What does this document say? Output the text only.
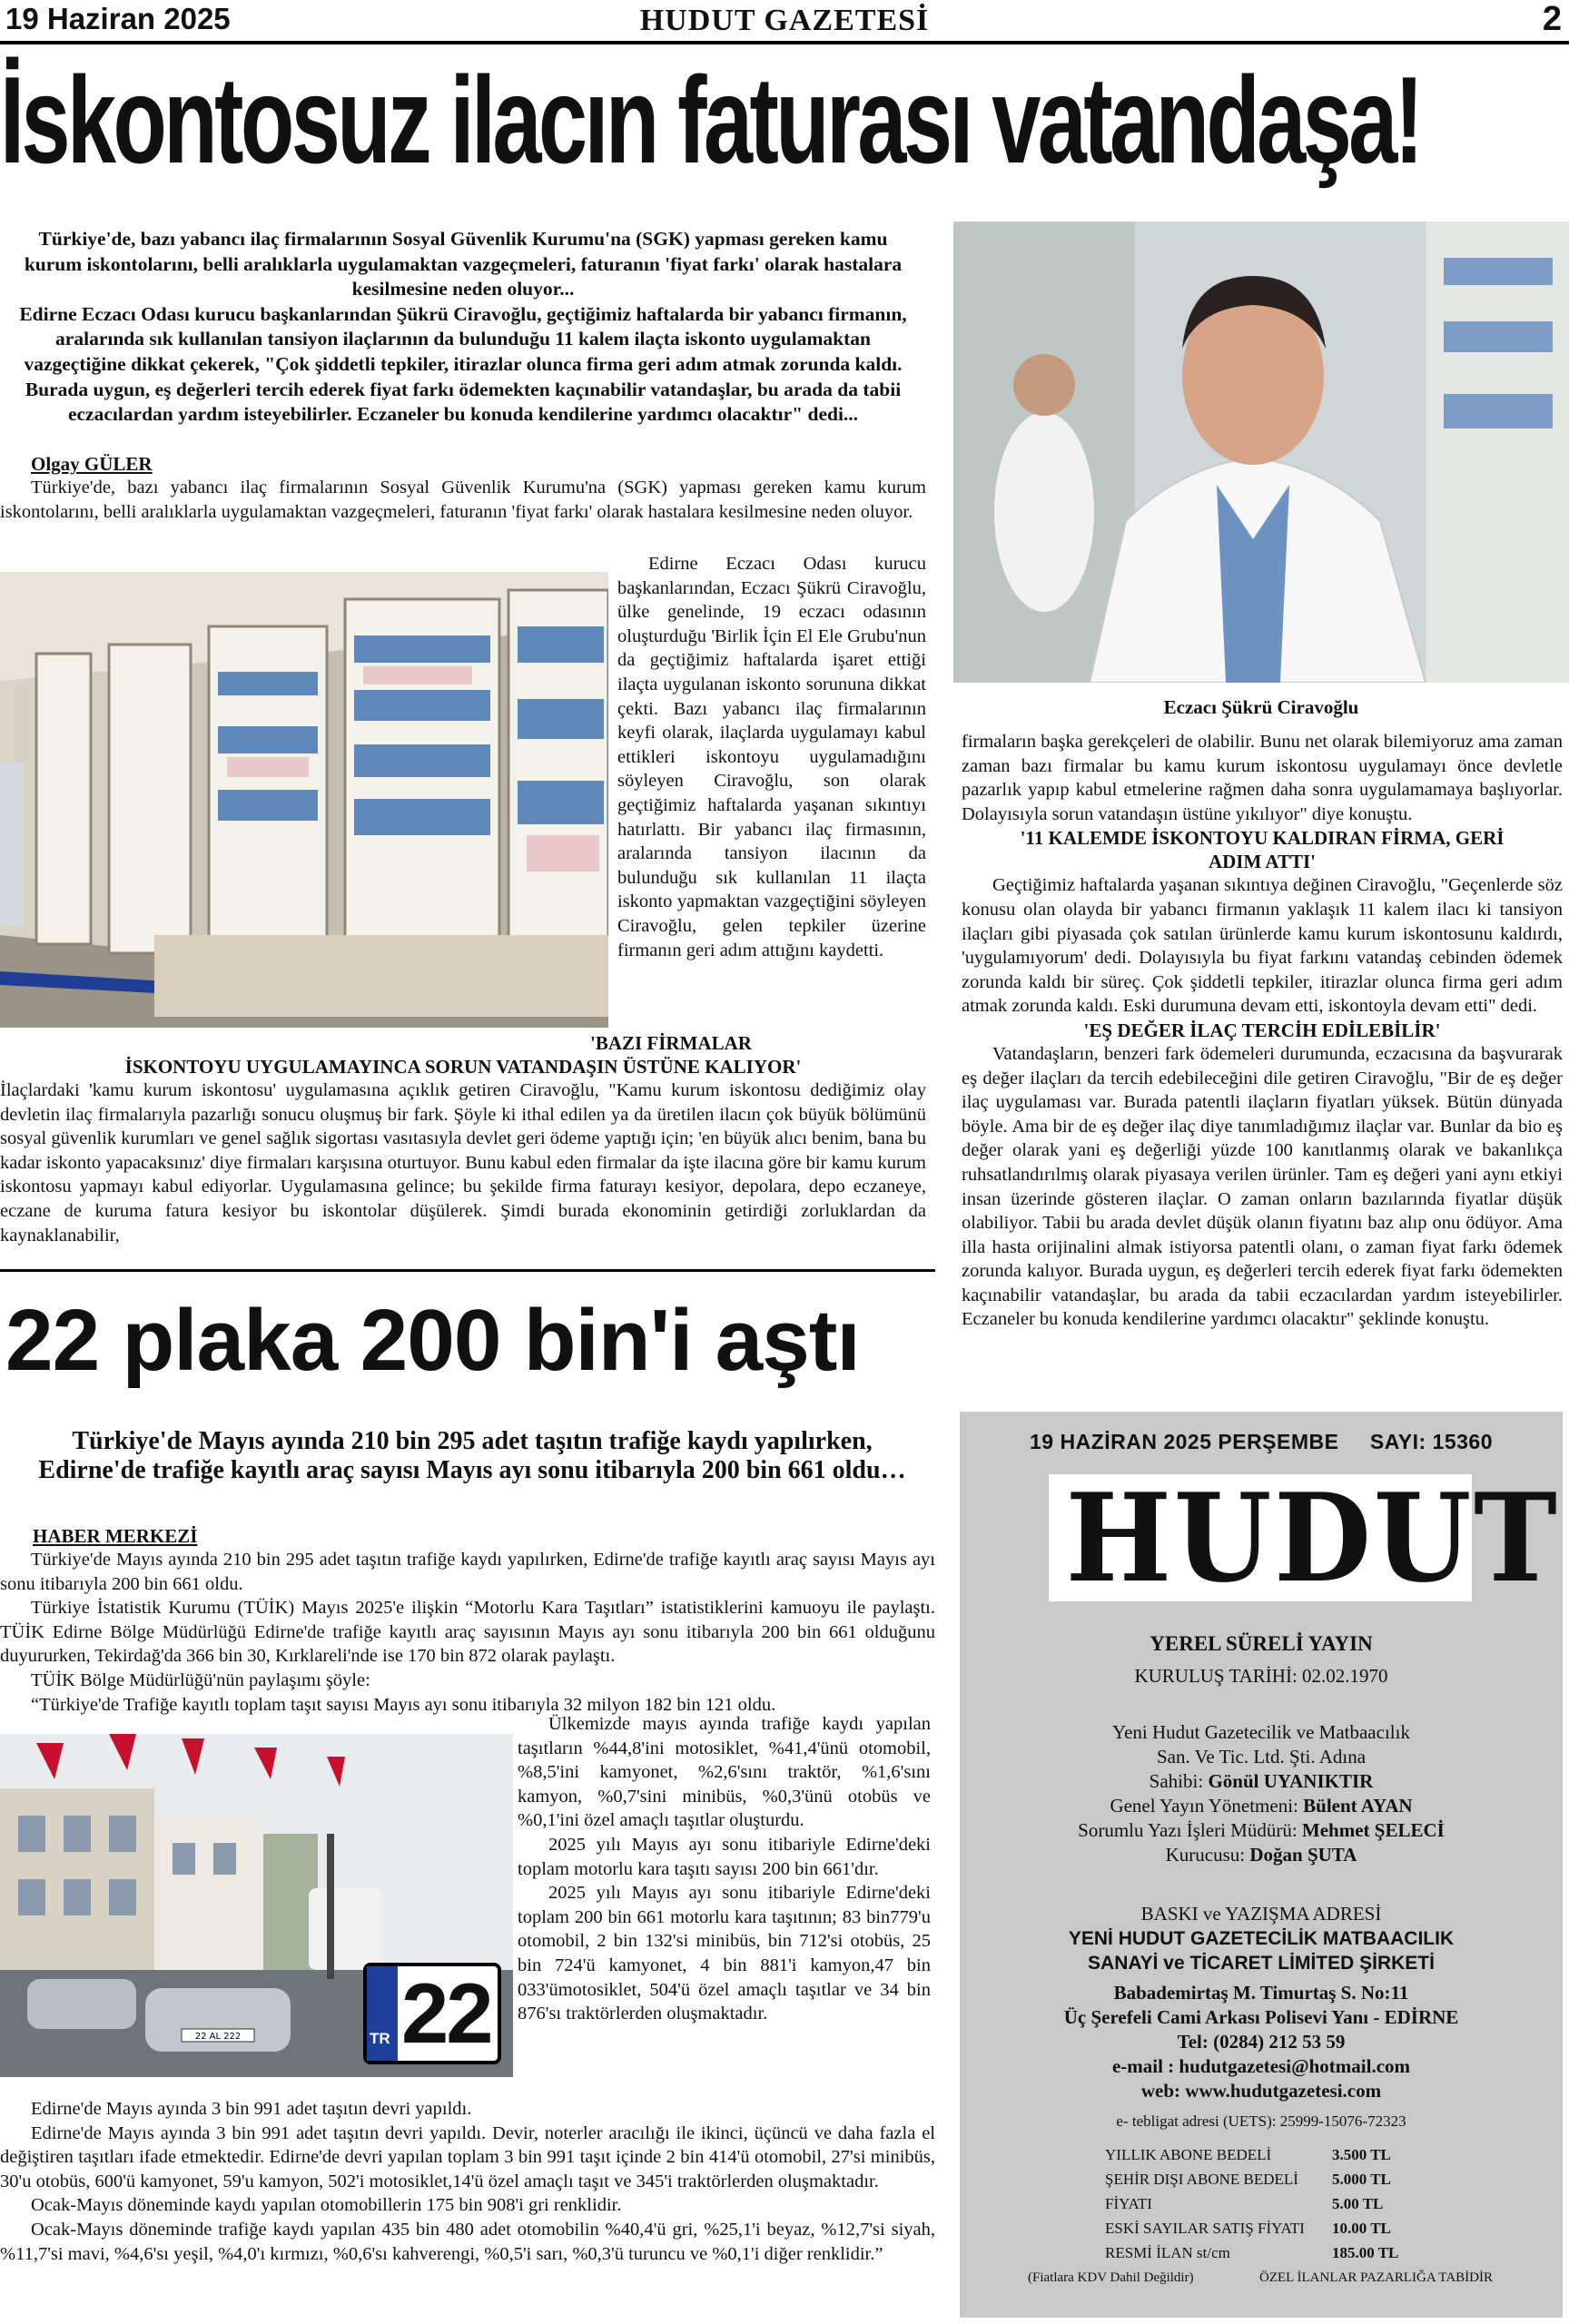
19 Haziran 2025	HUDUT GAZETESİ	2
İskontosuz ilacın faturası vatandaşa!

Türkiye'de, bazı yabancı ilaç firmalarının Sosyal Güvenlik Kurumu'na (SGK) yapması gereken kamu kurum iskontolarını, belli aralıklarla uygulamaktan vazgeçmeleri, faturanın 'fiyat farkı' olarak hastalara kesilmesine neden oluyor...

Edirne Eczacı Odası kurucu başkanlarından Şükrü Ciravoğlu, geçtiğimiz haftalarda bir yabancı firmanın, aralarında sık kullanılan tansiyon ilaçlarının da bulunduğu 11 kalem ilaçta iskonto uygulamaktan vazgeçtiğine dikkat çekerek, "Çok şiddetli tepkiler, itirazlar olunca firma geri adım atmak zorunda kaldı. Burada uygun, eş değerleri tercih ederek fiyat farkı ödemekten kaçınabilir vatandaşlar, bu arada da tabii eczacılardan yardım isteyebilirler. Eczaneler bu konuda kendilerine yardımcı olacaktır" dedi...

Olgay GÜLER

Türkiye'de, bazı yabancı ilaç firmalarının Sosyal Güvenlik Kurumu'na (SGK) yapması gereken kamu kurum iskontolarını, belli aralıklarla uygulamaktan vazgeçmeleri, faturanın 'fiyat farkı' olarak hastalara kesilmesine neden oluyor.

Edirne Eczacı Odası kurucu başkanlarından, Eczacı Şükrü Ciravoğlu, ülke genelinde, 19 eczacı odasının oluşturduğu 'Birlik İçin El Ele Grubu'nun da geçtiğimiz haftalarda işaret ettiği ilaçta uygulanan iskonto sorununa dikkat çekti. Bazı yabancı ilaç firmalarının keyfi olarak, ilaçlarda uygulamayı kabul ettikleri iskontoyu uygulamadığını söyleyen Ciravoğlu, son olarak geçtiğimiz haftalarda yaşanan sıkıntıyı hatırlattı. Bir yabancı ilaç firmasının, aralarında tansiyon ilacının da bulunduğu sık kullanılan 11 ilaçta iskonto yapmaktan vazgeçtiğini söyleyen Ciravoğlu, gelen tepkiler üzerine firmanın geri adım attığını kaydetti.

'BAZI FİRMALAR
İSKONTOYU UYGULAMAYINCA SORUN VATANDAŞIN ÜSTÜNE KALIYOR'

İlaçlardaki 'kamu kurum iskontosu' uygulamasına açıklık getiren Ciravoğlu, "Kamu kurum iskontosu dediğimiz olay devletin ilaç firmalarıyla pazarlığı sonucu oluşmuş bir fark. Şöyle ki ithal edilen ya da üretilen ilacın çok büyük bölümünü sosyal güvenlik kurumları ve genel sağlık sigortası vasıtasıyla devlet geri ödeme yaptığı için; 'en büyük alıcı benim, bana bu kadar iskonto yapacaksınız' diye firmaları karşısına oturtuyor. Bunu kabul eden firmalar da işte ilacına göre bir kamu kurum iskontosu yapmayı kabul ediyorlar. Uygulamasına gelince; bu şekilde firma faturayı kesiyor, depolara, depo eczaneye, eczane de kuruma fatura kesiyor bu iskontolar düşülerek. Şimdi burada ekonominin getirdiği zorluklardan da kaynaklanabilir,

Eczacı Şükrü Ciravoğlu

firmaların başka gerekçeleri de olabilir. Bunu net olarak bilemiyoruz ama zaman zaman bazı firmalar bu kamu kurum iskontosu uygulamayı önce devletle pazarlık yapıp kabul etmelerine rağmen daha sonra uygulamamaya başlıyorlar. Dolayısıyla sorun vatandaşın üstüne yıkılıyor" diye konuştu.

'11 KALEMDE İSKONTOYU KALDIRAN FİRMA, GERİ
ADIM ATTI'

Geçtiğimiz haftalarda yaşanan sıkıntıya değinen Ciravoğlu, "Geçenlerde söz konusu olan olayda bir yabancı firmanın yaklaşık 11 kalem ilacı ki tansiyon ilaçları gibi piyasada çok satılan ürünlerde kamu kurum iskontosunu kaldırdı, 'uygulamıyorum' dedi. Dolayısıyla bu fiyat farkını vatandaş cebinden ödemek zorunda kaldı bir süreç. Çok şiddetli tepkiler, itirazlar olunca firma geri adım atmak zorunda kaldı. Eski durumuna devam etti, iskontoyla devam etti" dedi.

'EŞ DEĞER İLAÇ TERCİH EDİLEBİLİR'

Vatandaşların, benzeri fark ödemeleri durumunda, eczacısına da başvurarak eş değer ilaçları da tercih edebileceğini dile getiren Ciravoğlu, "Bir de eş değer ilaç uygulaması var. Burada patentli ilaçların fiyatları yüksek. Bütün dünyada böyle. Ama bir de eş değer ilaç diye tanımladığımız ilaçlar var. Bunlar da bio eş değer olarak yani eş değerliği yüzde 100 kanıtlanmış olarak ve bakanlıkça ruhsatlandırılmış olarak piyasaya verilen ürünler. Tam eş değeri yani aynı etkiyi insan üzerinde gösteren ilaçlar. O zaman onların bazılarında fiyatlar düşük olabiliyor. Tabii bu arada devlet düşük olanın fiyatını baz alıp onu ödüyor. Ama illa hasta orijinalini almak istiyorsa patentli olanı, o zaman fiyat farkı ödemek zorunda kalıyor. Burada uygun, eş değerleri tercih ederek fiyat farkı ödemekten kaçınabilir vatandaşlar, bu arada da tabii eczacılardan yardım isteyebilirler. Eczaneler bu konuda kendilerine yardımcı olacaktır" şeklinde konuştu.

22 plaka 200 bin'i aştı
Türkiye'de Mayıs ayında 210 bin 295 adet taşıtın trafiğe kaydı yapılırken, Edirne'de trafiğe kayıtlı araç sayısı Mayıs ayı sonu itibarıyla 200 bin 661 oldu…
HABER MERKEZİ

Türkiye'de Mayıs ayında 210 bin 295 adet taşıtın trafiğe kaydı yapılırken, Edirne'de trafiğe kayıtlı araç sayısı Mayıs ayı sonu itibarıyla 200 bin 661 oldu.

Türkiye İstatistik Kurumu (TÜİK) Mayıs 2025'e ilişkin “Motorlu Kara Taşıtları” istatistiklerini kamuoyu ile paylaştı. TÜİK Edirne Bölge Müdürlüğü Edirne'de trafiğe kayıtlı araç sayısının Mayıs ayı sonu itibarıyla 200 bin 661 olduğunu duyururken, Tekirdağ'da 366 bin 30, Kırklareli'nde ise 170 bin 872 olarak paylaştı.

TÜİK Bölge Müdürlüğü'nün paylaşımı şöyle:

“Türkiye'de Trafiğe kayıtlı toplam taşıt sayısı Mayıs ayı sonu itibarıyla 32 milyon 182 bin 121 oldu.

22 AL 222	TR 22

Ülkemizde mayıs ayında trafiğe kaydı yapılan taşıtların %44,8'ini motosiklet, %41,4'ünü otomobil, %8,5'ini kamyonet, %2,6'sını traktör, %1,6'sını kamyon, %0,7'sini minibüs, %0,3'ünü otobüs ve %0,1'ini özel amaçlı taşıtlar oluşturdu.

2025 yılı Mayıs ayı sonu itibariyle Edirne'deki toplam motorlu kara taşıtı sayısı 200 bin 661'dır.

2025 yılı Mayıs ayı sonu itibariyle Edirne'deki toplam 200 bin 661 motorlu kara taşıtının; 83 bin779'u otomobil, 2 bin 132'si minibüs, bin 712'si otobüs, 25 bin 724'ü kamyonet, 4 bin 881'i kamyon,47 bin 033'ümotosiklet, 504'ü özel amaçlı taşıtlar ve 34 bin 876'sı traktörlerden oluşmaktadır.

Edirne'de Mayıs ayında 3 bin 991 adet taşıtın devri yapıldı.

Edirne'de Mayıs ayında 3 bin 991 adet taşıtın devri yapıldı. Devir, noterler aracılığı ile ikinci, üçüncü ve daha fazla el değiştiren taşıtları ifade etmektedir. Edirne'de devri yapılan toplam 3 bin 991 taşıt içinde 2 bin 414'ü otomobil, 27'si minibüs, 30'u otobüs, 600'ü kamyonet, 59'u kamyon, 502'i motosiklet,14'ü özel amaçlı taşıt ve 345'i traktörlerden oluşmaktadır.

Ocak-Mayıs döneminde kaydı yapılan otomobillerin 175 bin 908'i gri renklidir.

Ocak-Mayıs döneminde trafiğe kaydı yapılan 435 bin 480 adet otomobilin %40,4'ü gri, %25,1'i beyaz, %12,7'si siyah, %11,7'si mavi, %4,6'sı yeşil, %4,0'ı kırmızı, %0,6'sı kahverengi, %0,5'i sarı, %0,3'ü turuncu ve %0,1'i diğer renklidir.”

19 HAZİRAN 2025 PERŞEMBE     SAYI: 15360
HUDUT
YEREL SÜRELİ YAYIN
KURULUŞ TARİHİ: 02.02.1970
Yeni Hudut Gazetecilik ve Matbaacılık
San. Ve Tic. Ltd. Şti. Adına
Sahibi: Gönül UYANIKTIR
Genel Yayın Yönetmeni: Bülent AYAN
Sorumlu Yazı İşleri Müdürü: Mehmet ŞELECİ
Kurucusu: Doğan ŞUTA
BASKI ve YAZIŞMA ADRESİ
YENİ HUDUT GAZETECİLİK MATBAACILIK
SANAYİ ve TİCARET LİMİTED ŞİRKETİ
Babademirtaş M. Timurtaş S. No:11
Üç Şerefeli Cami Arkası Polisevi Yanı - EDİRNE
Tel: (0284) 212 53 59
e-mail : hudutgazetesi@hotmail.com
web: www.hudutgazetesi.com
e- tebligat adresi (UETS): 25999-15076-72323
YILLIK ABONE BEDELİ	3.500 TL
ŞEHİR DIŞI ABONE BEDELİ	5.000 TL
FİYATI	5.00 TL
ESKİ SAYILAR SATIŞ FİYATI	10.00 TL
RESMİ İLAN st/cm	185.00 TL
(Fiatlara KDV Dahil Değildir)	ÖZEL İLANLAR PAZARLIĞA TABİDİR
